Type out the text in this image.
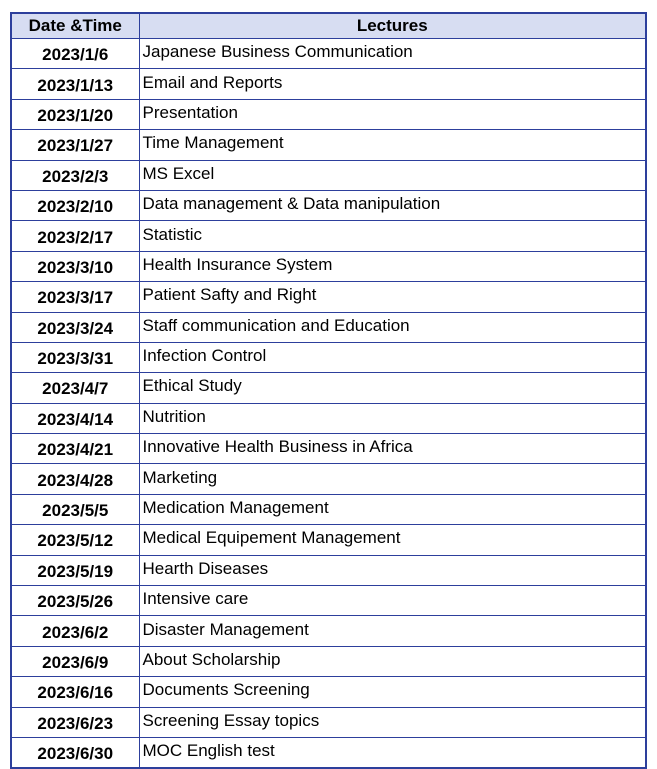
Date &Time	Lectures
2023/1/6	Japanese Business Communication
2023/1/13	Email and Reports
2023/1/20	Presentation
2023/1/27	Time Management
2023/2/3	MS Excel
2023/2/10	Data management & Data manipulation
2023/2/17	Statistic
2023/3/10	Health Insurance System
2023/3/17	Patient Safty and Right
2023/3/24	Staff communication and Education
2023/3/31	Infection Control
2023/4/7	Ethical Study
2023/4/14	Nutrition
2023/4/21	Innovative Health Business in Africa
2023/4/28	Marketing
2023/5/5	Medication Management
2023/5/12	Medical Equipement Management
2023/5/19	Hearth Diseases
2023/5/26	Intensive care
2023/6/2	Disaster Management
2023/6/9	About Scholarship
2023/6/16	Documents Screening
2023/6/23	Screening Essay topics
2023/6/30	MOC English test
